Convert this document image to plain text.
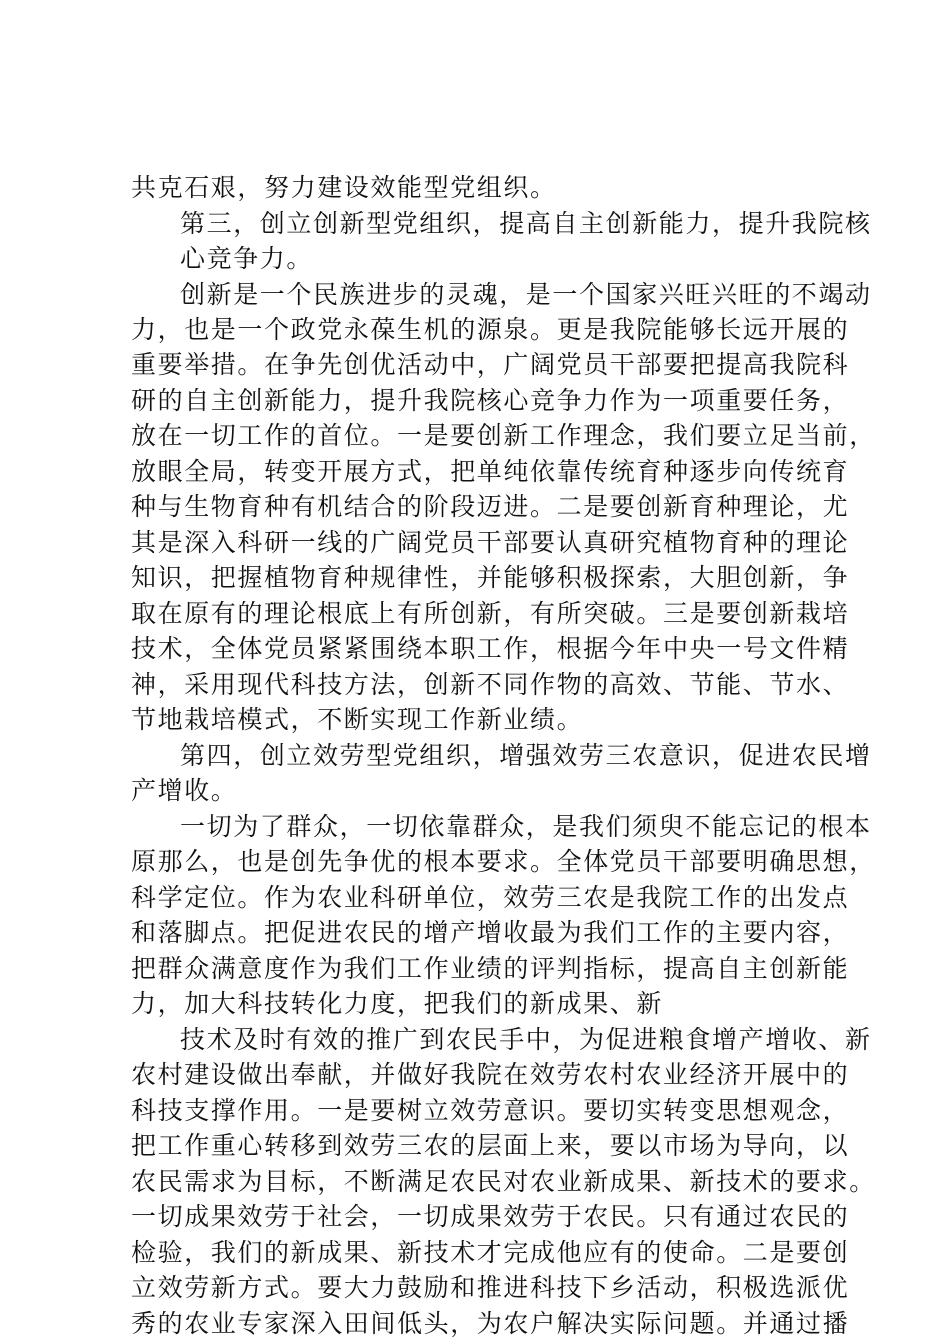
共克石艰，努力建设效能型党组织。
第三，创立创新型党组织，提高自主创新能力，提升我院核
心竞争力。
创新是一个民族进步的灵魂，是一个国家兴旺兴旺的不竭动
力，也是一个政党永葆生机的源泉。更是我院能够长远开展的
重要举措。在争先创优活动中，广阔党员干部要把提高我院科
研的自主创新能力，提升我院核心竞争力作为一项重要任务，
放在一切工作的首位。一是要创新工作理念，我们要立足当前，
放眼全局，转变开展方式，把单纯依靠传统育种逐步向传统育
种与生物育种有机结合的阶段迈进。二是要创新育种理论，尤
其是深入科研一线的广阔党员干部要认真研究植物育种的理论
知识，把握植物育种规律性，并能够积极探索，大胆创新，争
取在原有的理论根底上有所创新，有所突破。三是要创新栽培
技术，全体党员紧紧围绕本职工作，根据今年中央一号文件精
神，采用现代科技方法，创新不同作物的高效、节能、节水、
节地栽培模式，不断实现工作新业绩。
第四，创立效劳型党组织，增强效劳三农意识，促进农民增
产增收。
一切为了群众，一切依靠群众，是我们须臾不能忘记的根本
原那么，也是创先争优的根本要求。全体党员干部要明确思想，
科学定位。作为农业科研单位，效劳三农是我院工作的出发点
和落脚点。把促进农民的增产增收最为我们工作的主要内容，
把群众满意度作为我们工作业绩的评判指标，提高自主创新能
力，加大科技转化力度，把我们的新成果、新
技术及时有效的推广到农民手中，为促进粮食增产增收、新
农村建设做出奉献，并做好我院在效劳农村农业经济开展中的
科技支撑作用。一是要树立效劳意识。要切实转变思想观念，
把工作重心转移到效劳三农的层面上来，要以市场为导向，以
农民需求为目标，不断满足农民对农业新成果、新技术的要求。
一切成果效劳于社会，一切成果效劳于农民。只有通过农民的
检验，我们的新成果、新技术才完成他应有的使命。二是要创
立效劳新方式。要大力鼓励和推进科技下乡活动，积极选派优
秀的农业专家深入田间低头，为农户解决实际问题。并通过播
